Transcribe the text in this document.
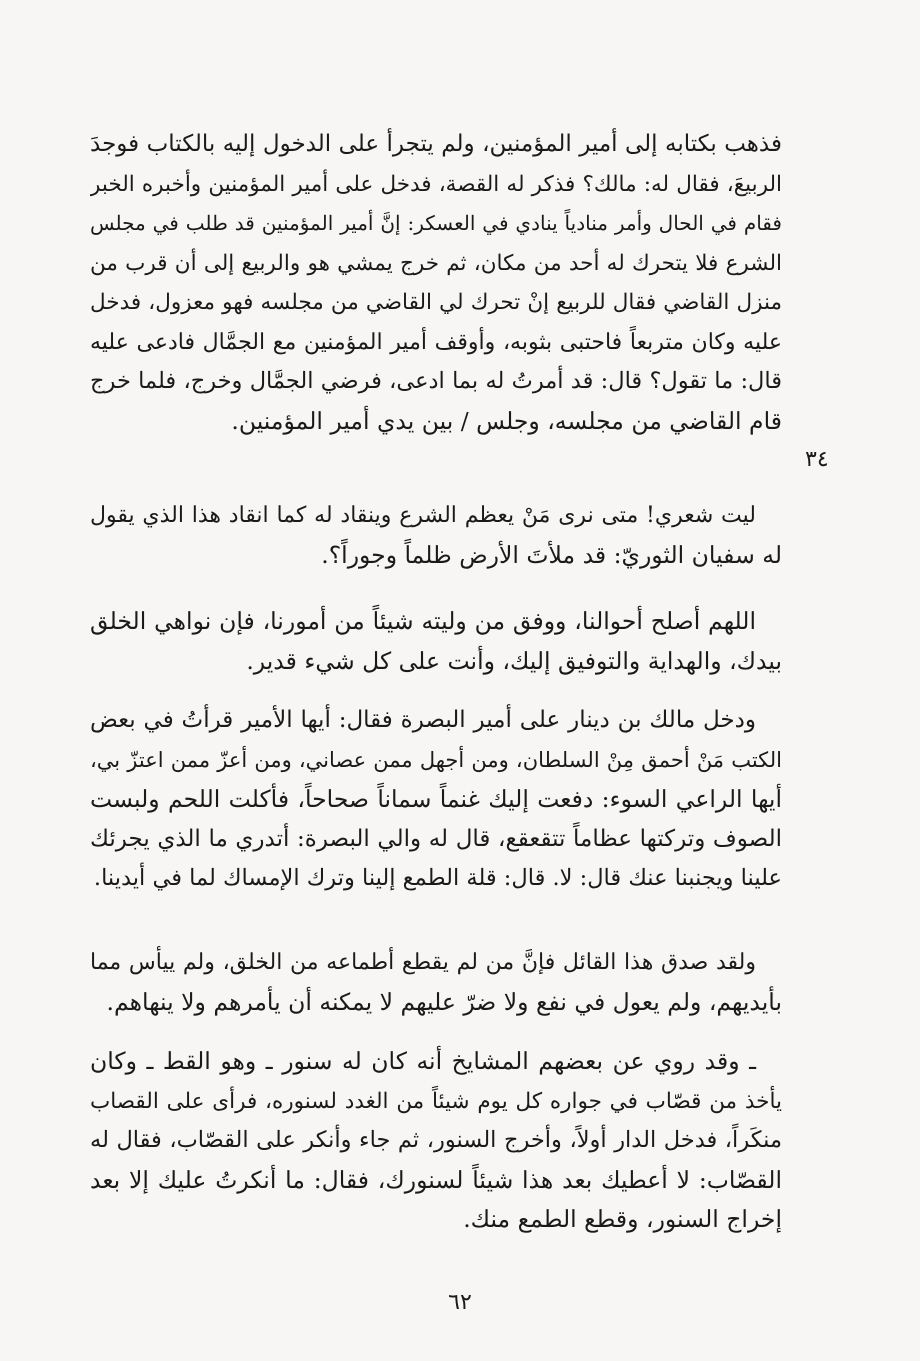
فذهب بكتابه إلى أمير المؤمنين، ولم يتجرأ على الدخول إليه بالكتاب فوجدَ
الربيعَ، فقال له: مالك؟ فذكر له القصة، فدخل على أمير المؤمنين وأخبره الخبر
فقام في الحال وأمر منادياً ينادي في العسكر: إنَّ أمير المؤمنين قد طلب في مجلس
الشرع فلا يتحرك له أحد من مكان، ثم خرج يمشي هو والربيع إلى أن قرب من
منزل القاضي فقال للربيع إنْ تحرك لي القاضي من مجلسه فهو معزول، فدخل
عليه وكان متربعاً فاحتبى بثوبه، وأوقف أمير المؤمنين مع الجمَّال فادعى عليه
قال: ما تقول؟ قال: قد أمرتُ له بما ادعى، فرضي الجمَّال وخرج، فلما خرج
قام القاضي من مجلسه، وجلس / بين يدي أمير المؤمنين.
٣٤
ليت شعري! متى نرى مَنْ يعظم الشرع وينقاد له كما انقاد هذا الذي يقول
له سفيان الثوريّ: قد ملأتَ الأرض ظلماً وجوراً؟.
اللهم أصلح أحوالنا، ووفق من وليته شيئاً من أمورنا، فإن نواهي الخلق
بيدك، والهداية والتوفيق إليك، وأنت على كل شيء قدير.
ودخل مالك بن دينار على أمير البصرة فقال: أيها الأمير قرأتُ في بعض
الكتب مَنْ أحمق مِنْ السلطان، ومن أجهل ممن عصاني، ومن أعزّ ممن اعتزّ بي،
أيها الراعي السوء: دفعت إليك غنماً سماناً صحاحاً، فأكلت اللحم ولبست
الصوف وتركتها عظاماً تتقعقع، قال له والي البصرة: أتدري ما الذي يجرئك
علينا ويجنبنا عنك قال: لا. قال: قلة الطمع إلينا وترك الإمساك لما في أيدينا.
ولقد صدق هذا القائل فإنَّ من لم يقطع أطماعه من الخلق، ولم ييأس مما
بأيديهم، ولم يعول في نفع ولا ضرّ عليهم لا يمكنه أن يأمرهم ولا ينهاهم.
ـ وقد روي عن بعضهم المشايخ أنه كان له سنور ـ وهو القط ـ وكان
يأخذ من قصّاب في جواره كل يوم شيئاً من الغدد لسنوره، فرأى على القصاب
منكَراً، فدخل الدار أولاً، وأخرج السنور، ثم جاء وأنكر على القصّاب، فقال له
القصّاب: لا أعطيك بعد هذا شيئاً لسنورك، فقال: ما أنكرتُ عليك إلا بعد
إخراج السنور، وقطع الطمع منك.
٦٢
